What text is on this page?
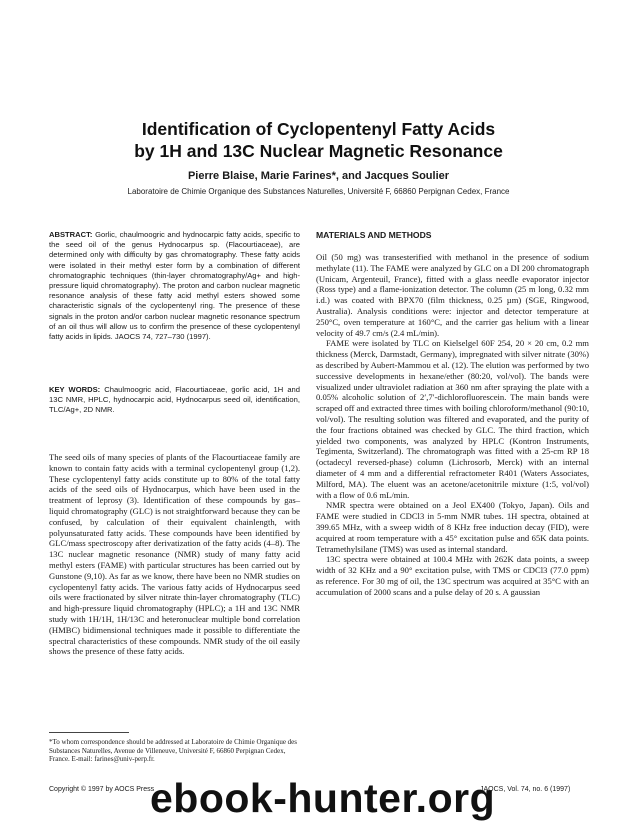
Identification of Cyclopentenyl Fatty Acids
by 1H and 13C Nuclear Magnetic Resonance
Pierre Blaise, Marie Farines*, and Jacques Soulier
Laboratoire de Chimie Organique des Substances Naturelles, Université F, 66860 Perpignan Cedex, France

ABSTRACT: Gorlic, chaulmoogric and hydnocarpic fatty acids, specific to the seed oil of the genus Hydnocarpus sp. (Flacourtiaceae), are determined only with difficulty by gas chromatography. These fatty acids were isolated in their methyl ester form by a combination of different chromatographic techniques (thin-layer chromatography/Ag+ and high-pressure liquid chromatography). The proton and carbon nuclear magnetic resonance analysis of these fatty acid methyl esters showed some characteristic signals of the cyclopentenyl ring. The presence of these signals in the proton and/or carbon nuclear magnetic resonance spectrum of an oil thus will allow us to confirm the presence of these cyclopentenyl fatty acids in lipids. JAOCS 74, 727–730 (1997).

KEY WORDS: Chaulmoogric acid, Flacourtiaceae, gorlic acid, 1H and 13C NMR, HPLC, hydnocarpic acid, Hydnocarpus seed oil, identification, TLC/Ag+, 2D NMR.

The seed oils of many species of plants of the Flacourtiaceae family are known to contain fatty acids with a terminal cyclopentenyl group (1,2). These cyclopentenyl fatty acids constitute up to 80% of the total fatty acids of the seed oils of Hydnocarpus, which have been used in the treatment of leprosy (3). Identification of these compounds by gas–liquid chromatography (GLC) is not straightforward because they can be confused, by calculation of their equivalent chainlength, with polyunsaturated fatty acids. These compounds have been identified by GLC/mass spectroscopy after derivatization of the fatty acids (4–8). The 13C nuclear magnetic resonance (NMR) study of many fatty acid methyl esters (FAME) with particular structures has been carried out by Gunstone (9,10). As far as we know, there have been no NMR studies on cyclopentenyl fatty acids. The various fatty acids of Hydnocarpus seed oils were fractionated by silver nitrate thin-layer chromatography (TLC) and high-pressure liquid chromatography (HPLC); a 1H and 13C NMR study with 1H/1H, 1H/13C and heteronuclear multiple bond correlation (HMBC) bidimensional techniques made it possible to differentiate the spectral characteristics of these compounds. NMR study of the oil easily shows the presence of these fatty acids.

*To whom correspondence should be addressed at Laboratoire de Chimie Organique des Substances Naturelles, Avenue de Villeneuve, Université F, 66860 Perpignan Cedex, France. E-mail: farines@univ-perp.fr.
MATERIALS AND METHODS

Oil (50 mg) was transesterified with methanol in the presence of sodium methylate (11). The FAME were analyzed by GLC on a DI 200 chromatograph (Unicam, Argenteuil, France), fitted with a glass needle evaporator injector (Ross type) and a flame-ionization detector. The column (25 m long, 0.32 mm i.d.) was coated with BPX70 (film thickness, 0.25 µm) (SGE, Ringwood, Australia). Analysis conditions were: injector and detector temperature at 250°C, oven temperature at 160°C, and the carrier gas helium with a linear velocity of 49.7 cm/s (2.4 mL/min).

FAME were isolated by TLC on Kielselgel 60F 254, 20 × 20 cm, 0.2 mm thickness (Merck, Darmstadt, Germany), impregnated with silver nitrate (30%) as described by Aubert-Mammou et al. (12). The elution was performed by two successive developments in hexane/ether (80:20, vol/vol). The bands were visualized under ultraviolet radiation at 360 nm after spraying the plate with a 0.05% alcoholic solution of 2′,7′-dichlorofluorescein. The main bands were scraped off and extracted three times with boiling chloroform/methanol (90:10, vol/vol). The resulting solution was filtered and evaporated, and the purity of the four fractions obtained was checked by GLC. The third fraction, which yielded two components, was analyzed by HPLC (Kontron Instruments, Tegimenta, Switzerland). The chromatograph was fitted with a 25-cm RP 18 (octadecyl reversed-phase) column (Lichrosorb, Merck) with an internal diameter of 4 mm and a differential refractometer R401 (Waters Associates, Milford, MA). The eluent was an acetone/acetonitrile mixture (1:5, vol/vol) with a flow of 0.6 mL/min.

NMR spectra were obtained on a Jeol EX400 (Tokyo, Japan). Oils and FAME were studied in CDCl3 in 5-mm NMR tubes. 1H spectra, obtained at 399.65 MHz, with a sweep width of 8 KHz free induction decay (FID), were acquired at room temperature with a 45° excitation pulse and 65K data points. Tetramethylsilane (TMS) was used as internal standard.

13C spectra were obtained at 100.4 MHz with 262K data points, a sweep width of 32 KHz and a 90° excitation pulse, with TMS or CDCl3 (77.0 ppm) as reference. For 30 mg of oil, the 13C spectrum was acquired at 35°C with an accumulation of 2000 scans and a pulse delay of 20 s. A gaussian

Copyright © 1997 by AOCS Press	JAOCS, Vol. 74, no. 6 (1997)
ebook-hunter.org
